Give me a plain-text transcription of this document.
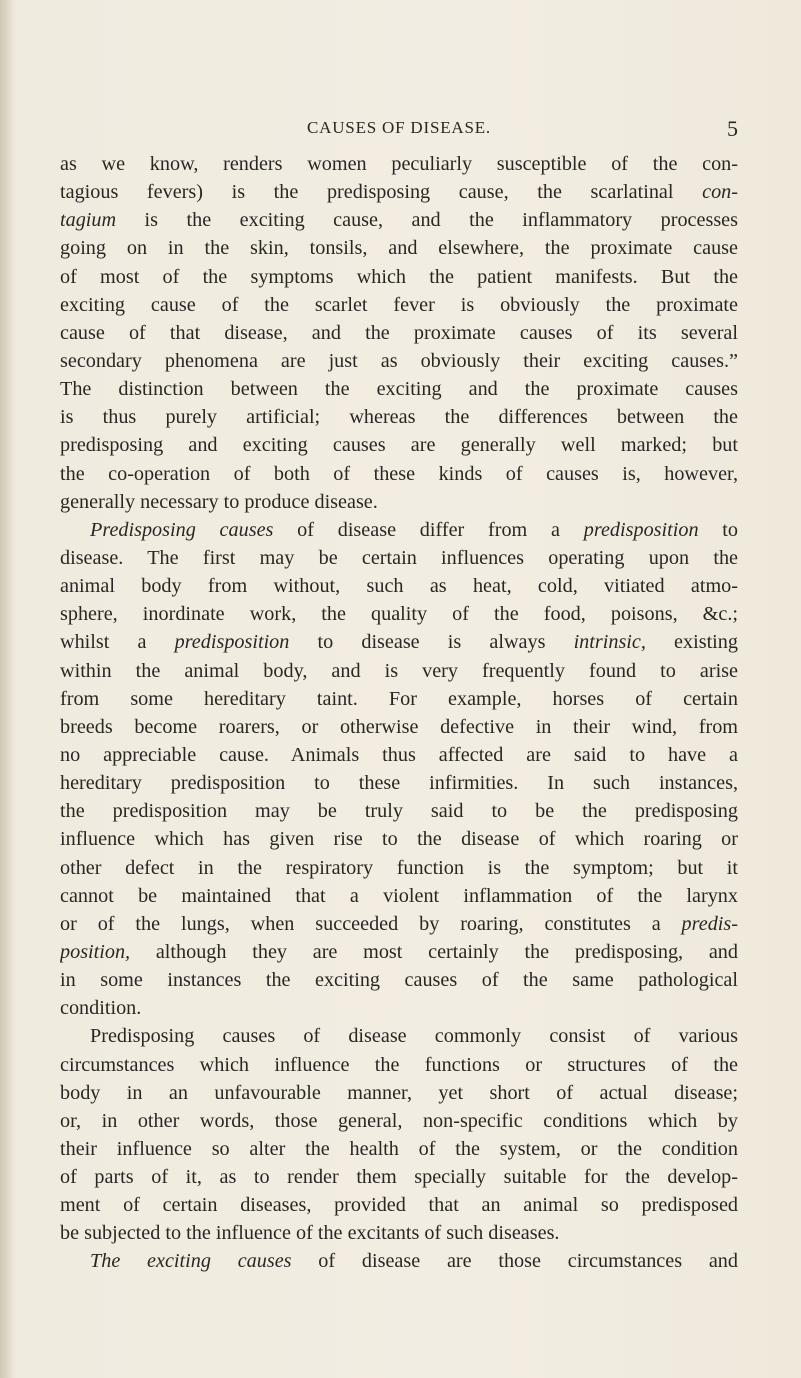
CAUSES OF DISEASE.	5
as we know, renders women peculiarly susceptible of the con-
tagious fevers) is the predisposing cause, the scarlatinal con-
tagium is the exciting cause, and the inflammatory processes
going on in the skin, tonsils, and elsewhere, the proximate cause
of most of the symptoms which the patient manifests. But the
exciting cause of the scarlet fever is obviously the proximate
cause of that disease, and the proximate causes of its several
secondary phenomena are just as obviously their exciting causes.”
The distinction between the exciting and the proximate causes
is thus purely artificial; whereas the differences between the
predisposing and exciting causes are generally well marked; but
the co-operation of both of these kinds of causes is, however,
generally necessary to produce disease.
Predisposing causes of disease differ from a predisposition to
disease. The first may be certain influences operating upon the
animal body from without, such as heat, cold, vitiated atmo-
sphere, inordinate work, the quality of the food, poisons, &c.;
whilst a predisposition to disease is always intrinsic, existing
within the animal body, and is very frequently found to arise
from some hereditary taint. For example, horses of certain
breeds become roarers, or otherwise defective in their wind, from
no appreciable cause. Animals thus affected are said to have a
hereditary predisposition to these infirmities. In such instances,
the predisposition may be truly said to be the predisposing
influence which has given rise to the disease of which roaring or
other defect in the respiratory function is the symptom; but it
cannot be maintained that a violent inflammation of the larynx
or of the lungs, when succeeded by roaring, constitutes a predis-
position, although they are most certainly the predisposing, and
in some instances the exciting causes of the same pathological
condition.
Predisposing causes of disease commonly consist of various
circumstances which influence the functions or structures of the
body in an unfavourable manner, yet short of actual disease;
or, in other words, those general, non-specific conditions which by
their influence so alter the health of the system, or the condition
of parts of it, as to render them specially suitable for the develop-
ment of certain diseases, provided that an animal so predisposed
be subjected to the influence of the excitants of such diseases.
The exciting causes of disease are those circumstances and
